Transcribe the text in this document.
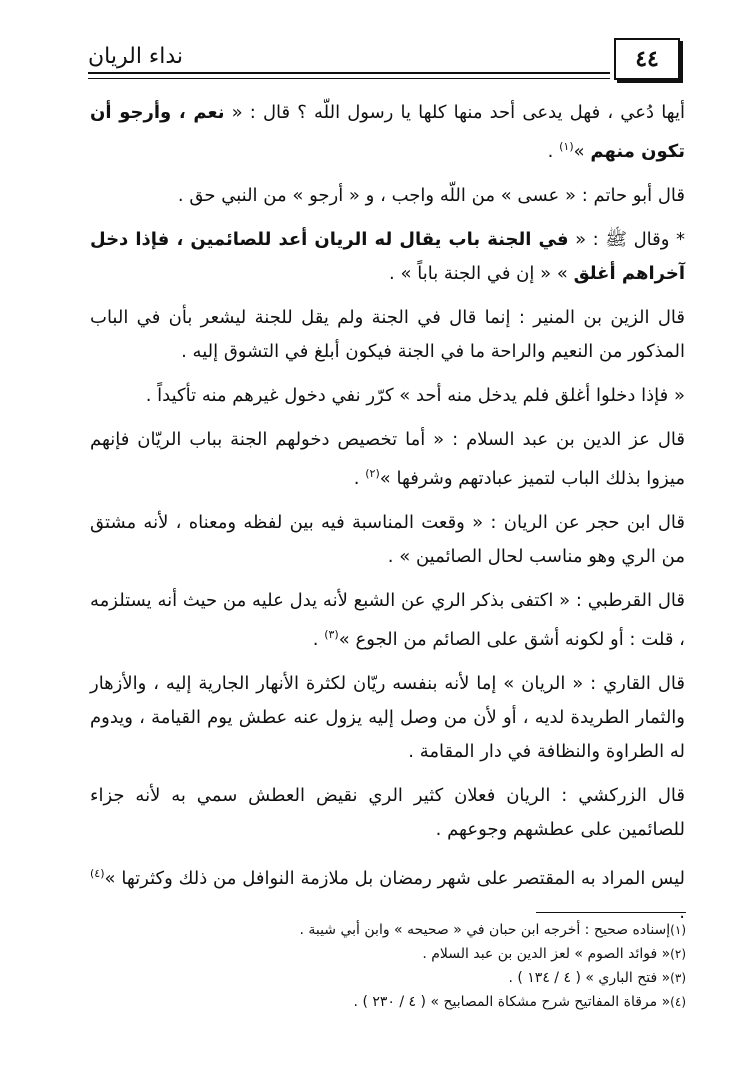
٤٤
نداء الريان

أيها دُعي ، فهل يدعى أحد منها كلها يا رسول اللّه ؟ قال : « نعم ، وأرجو أن تكون منهم »$^{(١)}$ .

قال أبو حاتم : « عسى » من اللّه واجب ، و « أرجو » من النبي حق .

* وقال ﷺ : « في الجنة باب يقال له الريان أعد للصائمين ، فإذا دخل آخراهم أغلق » « إن في الجنة باباً » .

قال الزين بن المنير : إنما قال في الجنة ولم يقل للجنة ليشعر بأن في الباب المذكور من النعيم والراحة ما في الجنة فيكون أبلغ في التشوق إليه .

« فإذا دخلوا أغلق فلم يدخل منه أحد » كرّر نفي دخول غيرهم منه تأكيداً .

قال عز الدين بن عبد السلام : « أما تخصيص دخولهم الجنة بباب الريّان فإنهم ميزوا بذلك الباب لتميز عبادتهم وشرفها »$^{(٢)}$ .

قال ابن حجر عن الريان : « وقعت المناسبة فيه بين لفظه ومعناه ، لأنه مشتق من الري وهو مناسب لحال الصائمين » .

قال القرطبي : « اكتفى بذكر الري عن الشبع لأنه يدل عليه من حيث أنه يستلزمه ، قلت : أو لكونه أشق على الصائم من الجوع »$^{(٣)}$ .

قال القاري : « الريان » إما لأنه بنفسه ريّان لكثرة الأنهار الجارية إليه ، والأزهار والثمار الطريدة لديه ، أو لأن من وصل إليه يزول عنه عطش يوم القيامة ، ويدوم له الطراوة والنظافة في دار المقامة .

قال الزركشي : الريان فعلان كثير الري نقيض العطش سمي به لأنه جزاء للصائمين على عطشهم وجوعهم .

ليس المراد به المقتصر على شهر رمضان بل ملازمة النوافل من ذلك وكثرتها »$^{(٤)}$ .

(١)إسناده صحيح : أخرجه ابن حبان في « صحيحه » وابن أبي شيبة .

(٢)« فوائد الصوم » لعز الدين بن عبد السلام .

(٣)« فتح الباري » ( ٤ / ١٣٤ ) .

(٤)« مرقاة المفاتيح شرح مشكاة المصابيح » ( ٤ / ٢٣٠ ) .
